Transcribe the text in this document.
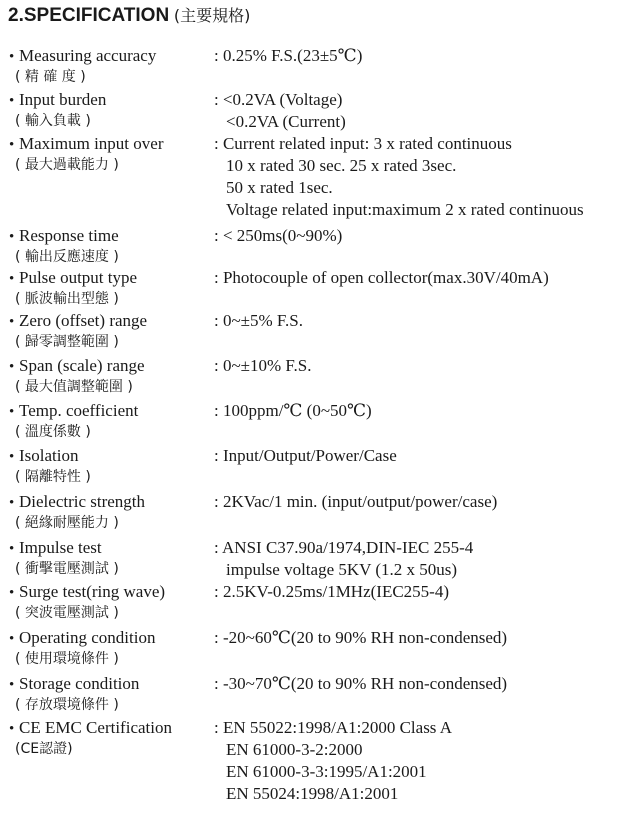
2.SPECIFICATION (主要規格)
• Measuring accuracy
( 精 確 度 )
: 0.25% F.S.(23±5℃)
• Input burden
( 輸入負載 )
: <0.2VA (Voltage)
<0.2VA (Current)
• Maximum input over
( 最大過載能力 )
: Current related input: 3 x rated continuous
10 x rated 30 sec. 25 x rated 3sec.
50 x rated 1sec.
Voltage related input:maximum 2 x rated continuous
• Response time
( 輸出反應速度 )
: < 250ms(0~90%)
• Pulse output type
( 脈波輸出型態 )
: Photocouple of open collector(max.30V/40mA)
• Zero (offset) range
( 歸零調整範圍 )
: 0~±5% F.S.
• Span (scale) range
( 最大值調整範圍 )
: 0~±10% F.S.
• Temp. coefficient
( 溫度係數 )
: 100ppm/℃ (0~50℃)
• Isolation
( 隔離特性 )
: Input/Output/Power/Case
• Dielectric strength
( 絕緣耐壓能力 )
: 2KVac/1 min. (input/output/power/case)
• Impulse test
( 衝擊電壓測試 )
: ANSI C37.90a/1974,DIN-IEC 255-4
impulse voltage 5KV (1.2 x 50us)
• Surge test(ring wave)
( 突波電壓測試 )
: 2.5KV-0.25ms/1MHz(IEC255-4)
• Operating condition
( 使用環境條件 )
: -20~60℃(20 to 90% RH non-condensed)
• Storage condition
( 存放環境條件 )
: -30~70℃(20 to 90% RH non-condensed)
• CE EMC Certification
(CE認證)
: EN 55022:1998/A1:2000 Class A
EN 61000-3-2:2000
EN 61000-3-3:1995/A1:2001
EN 55024:1998/A1:2001
